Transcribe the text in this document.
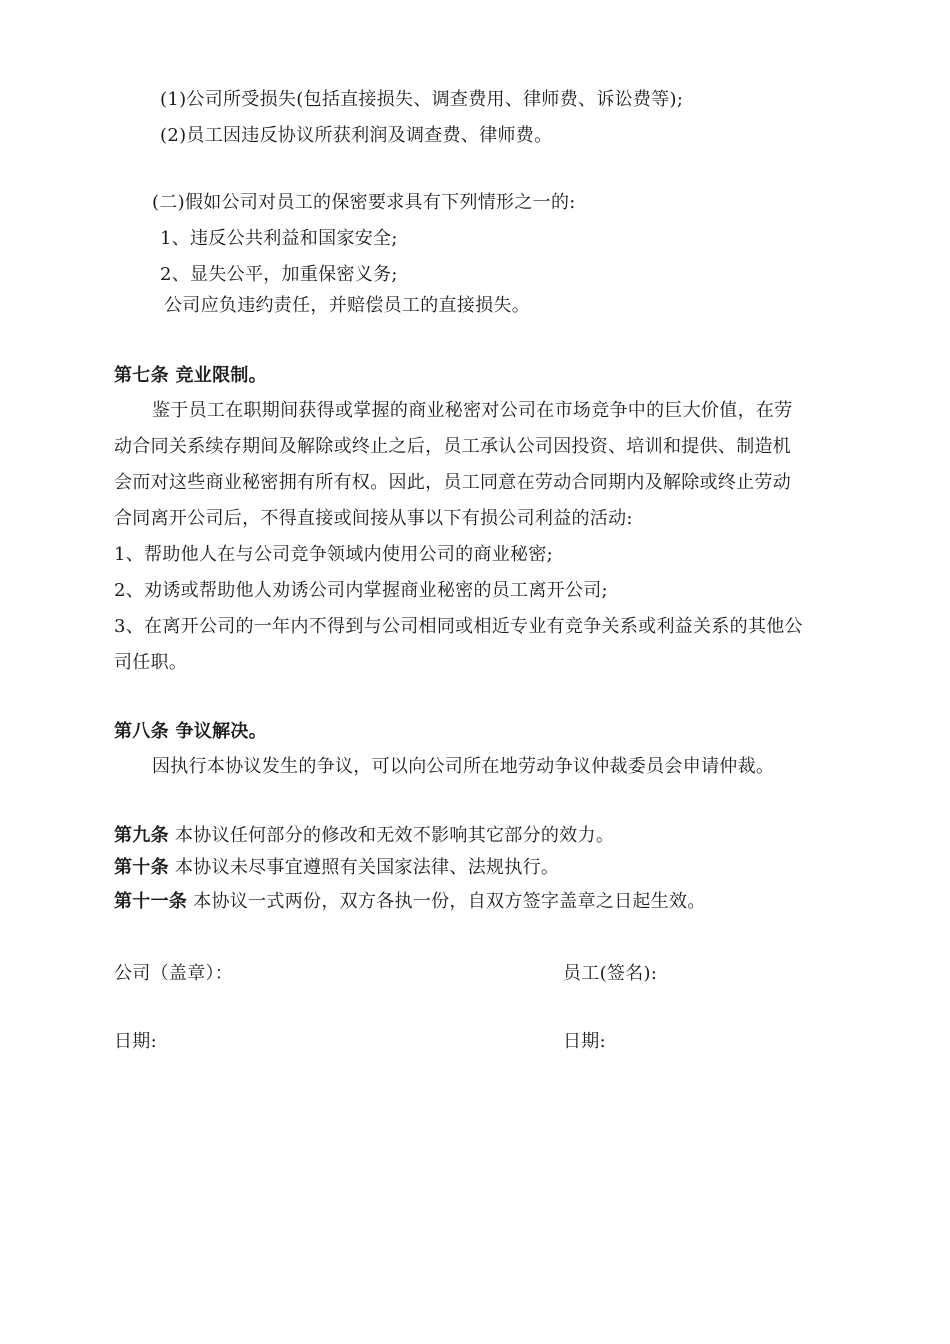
(1)公司所受损失(包括直接损失、调查费用、律师费、诉讼费等);
(2)员工因违反协议所获利润及调查费、律师费。
(二)假如公司对员工的保密要求具有下列情形之一的:
1、违反公共利益和国家安全;
2、显失公平，加重保密义务;
公司应负违约责任，并赔偿员工的直接损失。
第七条 竞业限制。
鉴于员工在职期间获得或掌握的商业秘密对公司在市场竞争中的巨大价值，在劳
动合同关系续存期间及解除或终止之后，员工承认公司因投资、培训和提供、制造机
会而对这些商业秘密拥有所有权。因此，员工同意在劳动合同期内及解除或终止劳动
合同离开公司后，不得直接或间接从事以下有损公司利益的活动:
1、帮助他人在与公司竞争领域内使用公司的商业秘密;
2、劝诱或帮助他人劝诱公司内掌握商业秘密的员工离开公司;
3、在离开公司的一年内不得到与公司相同或相近专业有竞争关系或利益关系的其他公
司任职。
第八条 争议解决。
因执行本协议发生的争议，可以向公司所在地劳动争议仲裁委员会申请仲裁。
第九条 本协议任何部分的修改和无效不影响其它部分的效力。
第十条 本协议未尽事宜遵照有关国家法律、法规执行。
第十一条 本协议一式两份，双方各执一份，自双方签字盖章之日起生效。
公司（盖章）：	员工(签名):
日期:	日期:
